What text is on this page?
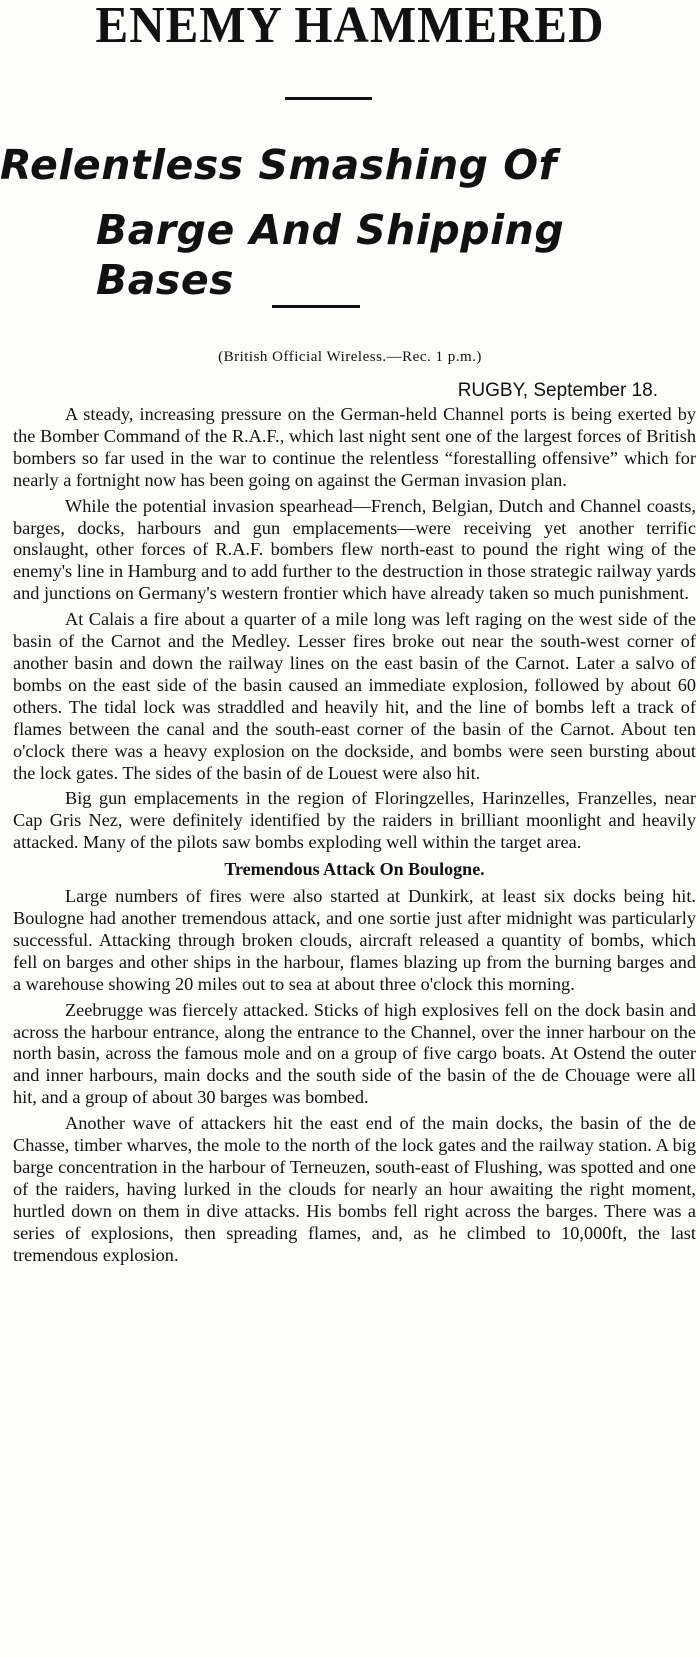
ENEMY HAMMERED
Relentless Smashing Of
Barge And Shipping Bases

(British Official Wireless.—Rec. 1 p.m.)

RUGBY, September 18.

A steady, increasing pressure on the German-held Channel ports is being exerted by the Bomber Command of the R.A.F., which last night sent one of the largest forces of British bombers so far used in the war to continue the relentless “forestalling offensive” which for nearly a fortnight now has been going on against the German invasion plan.

While the potential invasion spearhead—French, Belgian, Dutch and Channel coasts, barges, docks, harbours and gun emplacements—were receiving yet another terrific onslaught, other forces of R.A.F. bombers flew north-east to pound the right wing of the enemy's line in Hamburg and to add further to the destruction in those strategic railway yards and junctions on Germany's western frontier which have already taken so much punishment.

At Calais a fire about a quarter of a mile long was left raging on the west side of the basin of the Carnot and the Medley. Lesser fires broke out near the south-west corner of another basin and down the railway lines on the east basin of the Carnot. Later a salvo of bombs on the east side of the basin caused an immediate explosion, followed by about 60 others. The tidal lock was straddled and heavily hit, and the line of bombs left a track of flames between the canal and the south-east corner of the basin of the Carnot. About ten o'clock there was a heavy explosion on the dockside, and bombs were seen bursting about the lock gates. The sides of the basin of de Louest were also hit.

Big gun emplacements in the region of Floringzelles, Harinzelles, Franzelles, near Cap Gris Nez, were definitely identified by the raiders in brilliant moonlight and heavily attacked. Many of the pilots saw bombs exploding well within the target area.

Tremendous Attack On Boulogne.

Large numbers of fires were also started at Dunkirk, at least six docks being hit. Boulogne had another tremendous attack, and one sortie just after midnight was particularly successful. Attacking through broken clouds, aircraft released a quantity of bombs, which fell on barges and other ships in the harbour, flames blazing up from the burning barges and a warehouse showing 20 miles out to sea at about three o'clock this morning.

Zeebrugge was fiercely attacked. Sticks of high explosives fell on the dock basin and across the harbour entrance, along the entrance to the Channel, over the inner harbour on the north basin, across the famous mole and on a group of five cargo boats. At Ostend the outer and inner harbours, main docks and the south side of the basin of the de Chouage were all hit, and a group of about 30 barges was bombed.

Another wave of attackers hit the east end of the main docks, the basin of the de Chasse, timber wharves, the mole to the north of the lock gates and the railway station. A big barge concentration in the harbour of Terneuzen, south-east of Flushing, was spotted and one of the raiders, having lurked in the clouds for nearly an hour awaiting the right moment, hurtled down on them in dive attacks. His bombs fell right across the barges. There was a series of explosions, then spreading flames, and, as he climbed to 10,000ft, the last tremendous explosion.
